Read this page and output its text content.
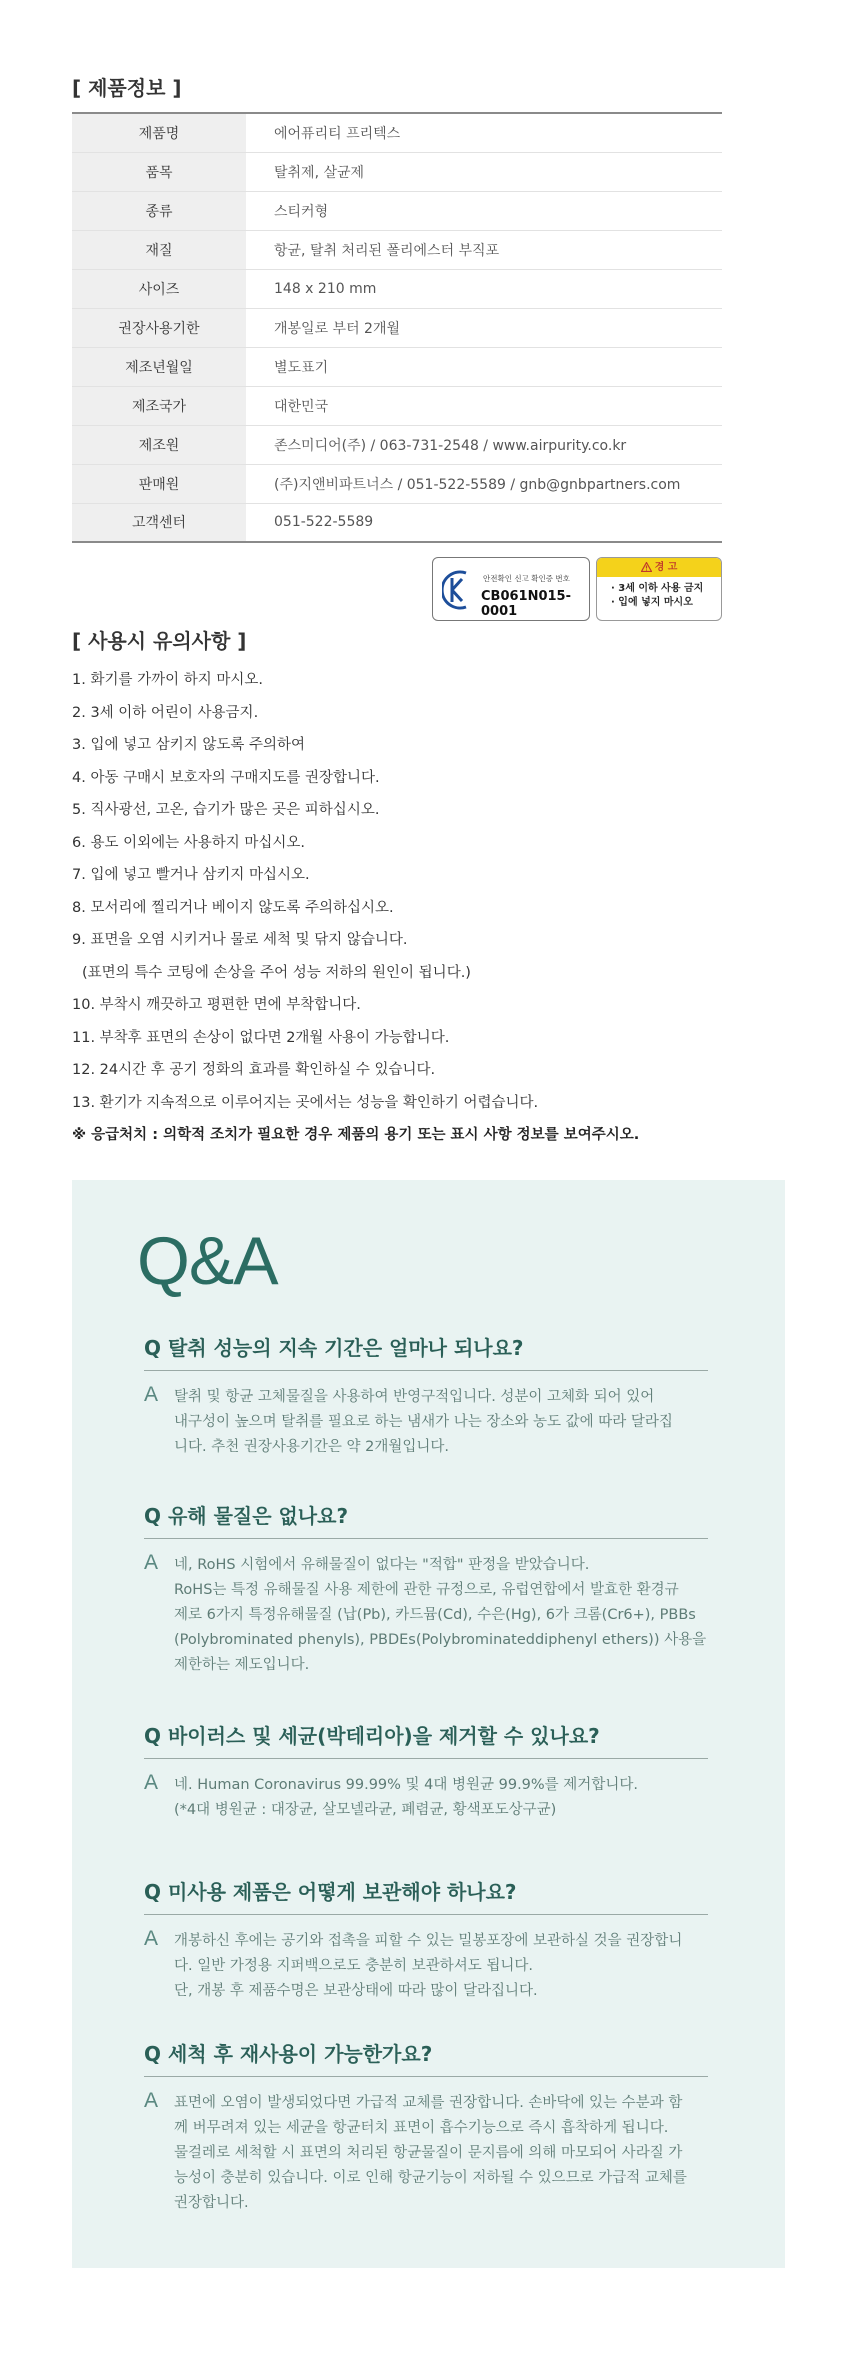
[ 제품정보 ]
제품명	에어퓨리티 프리텍스
품목	탈취제, 살균제
종류	스티커형
재질	항균, 탈취 처리된 폴리에스터 부직포
사이즈	148 x 210 mm
권장사용기한	개봉일로 부터 2개월
제조년월일	별도표기
제조국가	대한민국
제조원	존스미디어(주) / 063-731-2548 / www.airpurity.co.kr
판매원	(주)지앤비파트너스 / 051-522-5589 / gnb@gnbpartners.com
고객센터	051-522-5589
안전확인 신고 확인증 번호
CB061N015-0001
경 고
· 3세 이하 사용 금지
· 입에 넣지 마시오
[ 사용시 유의사항 ]
1. 화기를 가까이 하지 마시오.
2. 3세 이하 어린이 사용금지.
3. 입에 넣고 삼키지 않도록 주의하여
4. 아동 구매시 보호자의 구매지도를 권장합니다.
5. 직사광선, 고온, 습기가 많은 곳은 피하십시오.
6. 용도 이외에는 사용하지 마십시오.
7. 입에 넣고 빨거나 삼키지 마십시오.
8. 모서리에 찔리거나 베이지 않도록 주의하십시오.
9. 표면을 오염 시키거나 물로 세척 및 닦지 않습니다.
(표면의 특수 코팅에 손상을 주어 성능 저하의 원인이 됩니다.)
10. 부착시 깨끗하고 평편한 면에 부착합니다.
11. 부착후 표면의 손상이 없다면 2개월 사용이 가능합니다.
12. 24시간 후 공기 정화의 효과를 확인하실 수 있습니다.
13. 환기가 지속적으로 이루어지는 곳에서는 성능을 확인하기 어렵습니다.
※ 응급처치 : 의학적 조치가 필요한 경우 제품의 용기 또는 표시 사항 정보를 보여주시오.
Q&A
Q 탈취 성능의 지속 기간은 얼마나 되나요?
A 탈취 및 항균 고체물질을 사용하여 반영구적입니다. 성분이 고체화 되어 있어
내구성이 높으며 탈취를 필요로 하는 냄새가 나는 장소와 농도 값에 따라 달라집
니다. 추천 권장사용기간은 약 2개월입니다.
Q 유해 물질은 없나요?
A 네, RoHS 시험에서 유해물질이 없다는 "적합" 판정을 받았습니다.
RoHS는 특정 유해물질 사용 제한에 관한 규정으로, 유럽연합에서 발효한 환경규
제로 6가지 특정유해물질 (납(Pb), 카드뮴(Cd), 수은(Hg), 6가 크롬(Cr6+), PBBs
(Polybrominated phenyls), PBDEs(Polybrominateddiphenyl ethers)) 사용을
제한하는 제도입니다.
Q 바이러스 및 세균(박테리아)을 제거할 수 있나요?
A 네. Human Coronavirus 99.99% 및 4대 병원균 99.9%를 제거합니다.
(*4대 병원균 : 대장균, 살모넬라균, 폐렴균, 황색포도상구균)
Q 미사용 제품은 어떻게 보관해야 하나요?
A 개봉하신 후에는 공기와 접촉을 피할 수 있는 밀봉포장에 보관하실 것을 권장합니
다. 일반 가정용 지퍼백으로도 충분히 보관하셔도 됩니다.
단, 개봉 후 제품수명은 보관상태에 따라 많이 달라집니다.
Q 세척 후 재사용이 가능한가요?
A 표면에 오염이 발생되었다면 가급적 교체를 권장합니다. 손바닥에 있는 수분과 함
께 버무려져 있는 세균을 항균터치 표면이 흡수기능으로 즉시 흡착하게 됩니다.
물걸레로 세척할 시 표면의 처리된 항균물질이 문지름에 의해 마모되어 사라질 가
능성이 충분히 있습니다. 이로 인해 항균기능이 저하될 수 있으므로 가급적 교체를
권장합니다.
